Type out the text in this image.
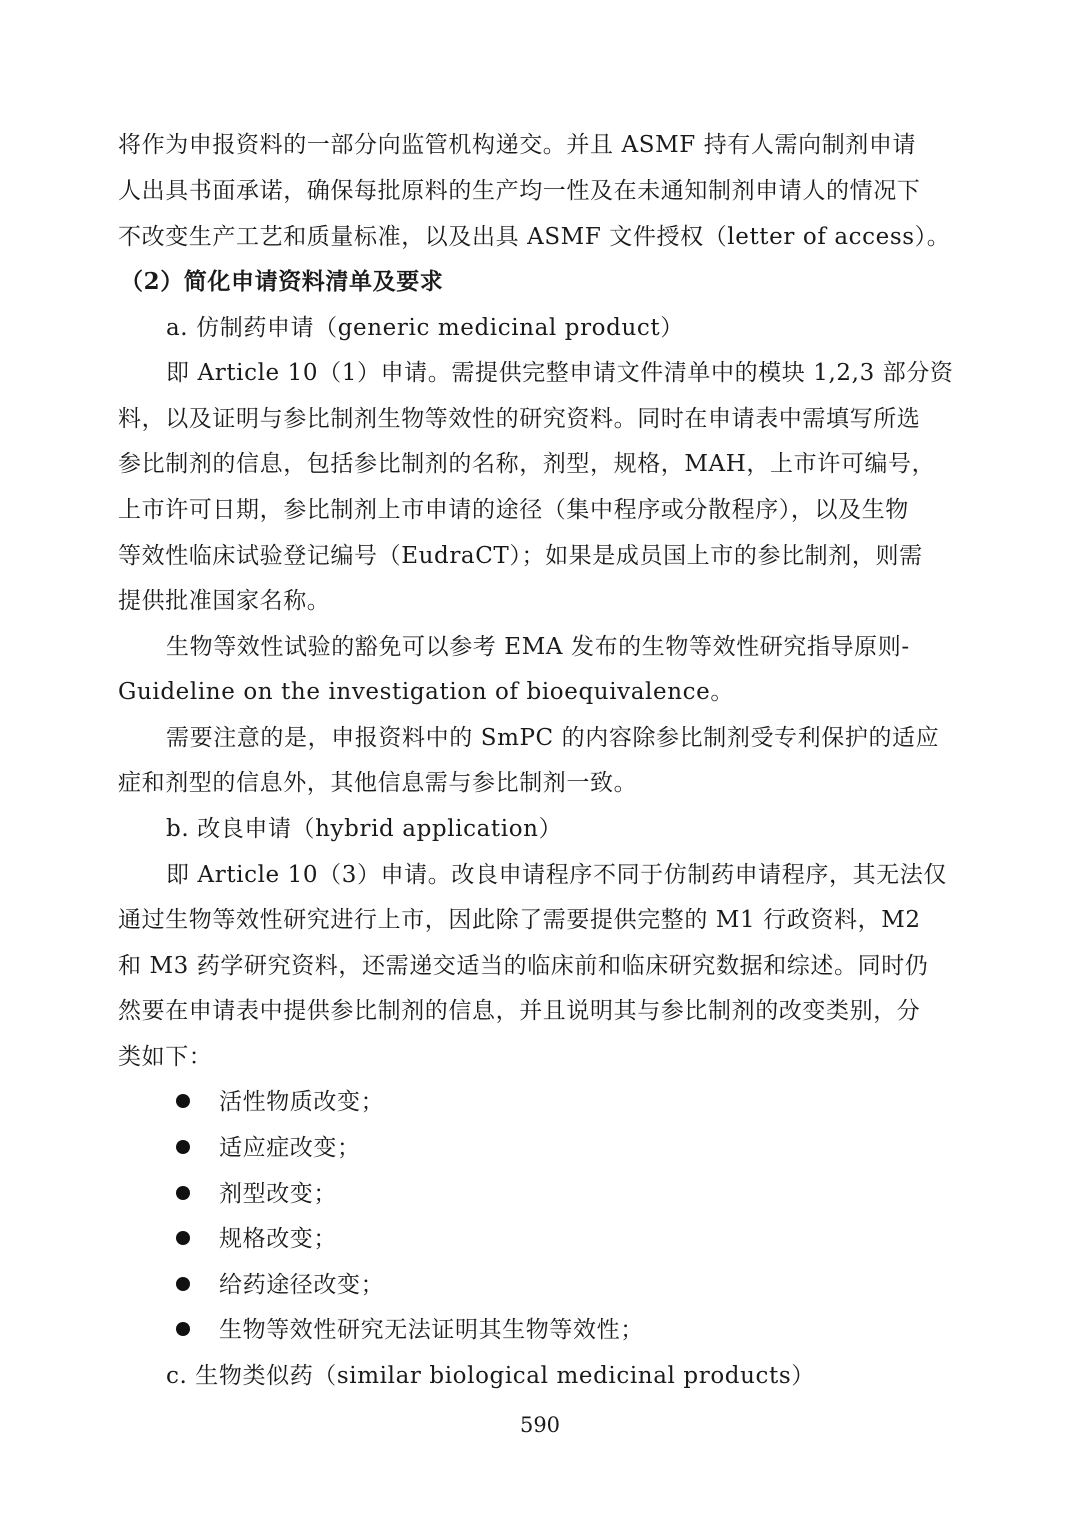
将作为申报资料的一部分向监管机构递交。并且 ASMF 持有人需向制剂申请
人出具书面承诺，确保每批原料的生产均一性及在未通知制剂申请人的情况下
不改变生产工艺和质量标准，以及出具 ASMF 文件授权（letter of access）。
（2）简化申请资料清单及要求
a. 仿制药申请（generic medicinal product）
即 Article 10（1）申请。需提供完整申请文件清单中的模块 1,2,3 部分资
料，以及证明与参比制剂生物等效性的研究资料。同时在申请表中需填写所选
参比制剂的信息，包括参比制剂的名称，剂型，规格，MAH，上市许可编号，
上市许可日期，参比制剂上市申请的途径（集中程序或分散程序），以及生物
等效性临床试验登记编号（EudraCT）；如果是成员国上市的参比制剂，则需
提供批准国家名称。
生物等效性试验的豁免可以参考 EMA 发布的生物等效性研究指导原则-
Guideline on the investigation of bioequivalence。
需要注意的是，申报资料中的 SmPC 的内容除参比制剂受专利保护的适应
症和剂型的信息外，其他信息需与参比制剂一致。
b. 改良申请（hybrid application）
即 Article 10（3）申请。改良申请程序不同于仿制药申请程序，其无法仅
通过生物等效性研究进行上市，因此除了需要提供完整的 M1 行政资料，M2
和 M3 药学研究资料，还需递交适当的临床前和临床研究数据和综述。同时仍
然要在申请表中提供参比制剂的信息，并且说明其与参比制剂的改变类别，分
类如下：
活性物质改变；
适应症改变；
剂型改变；
规格改变；
给药途径改变；
生物等效性研究无法证明其生物等效性；
c. 生物类似药（similar biological medicinal products）
590
